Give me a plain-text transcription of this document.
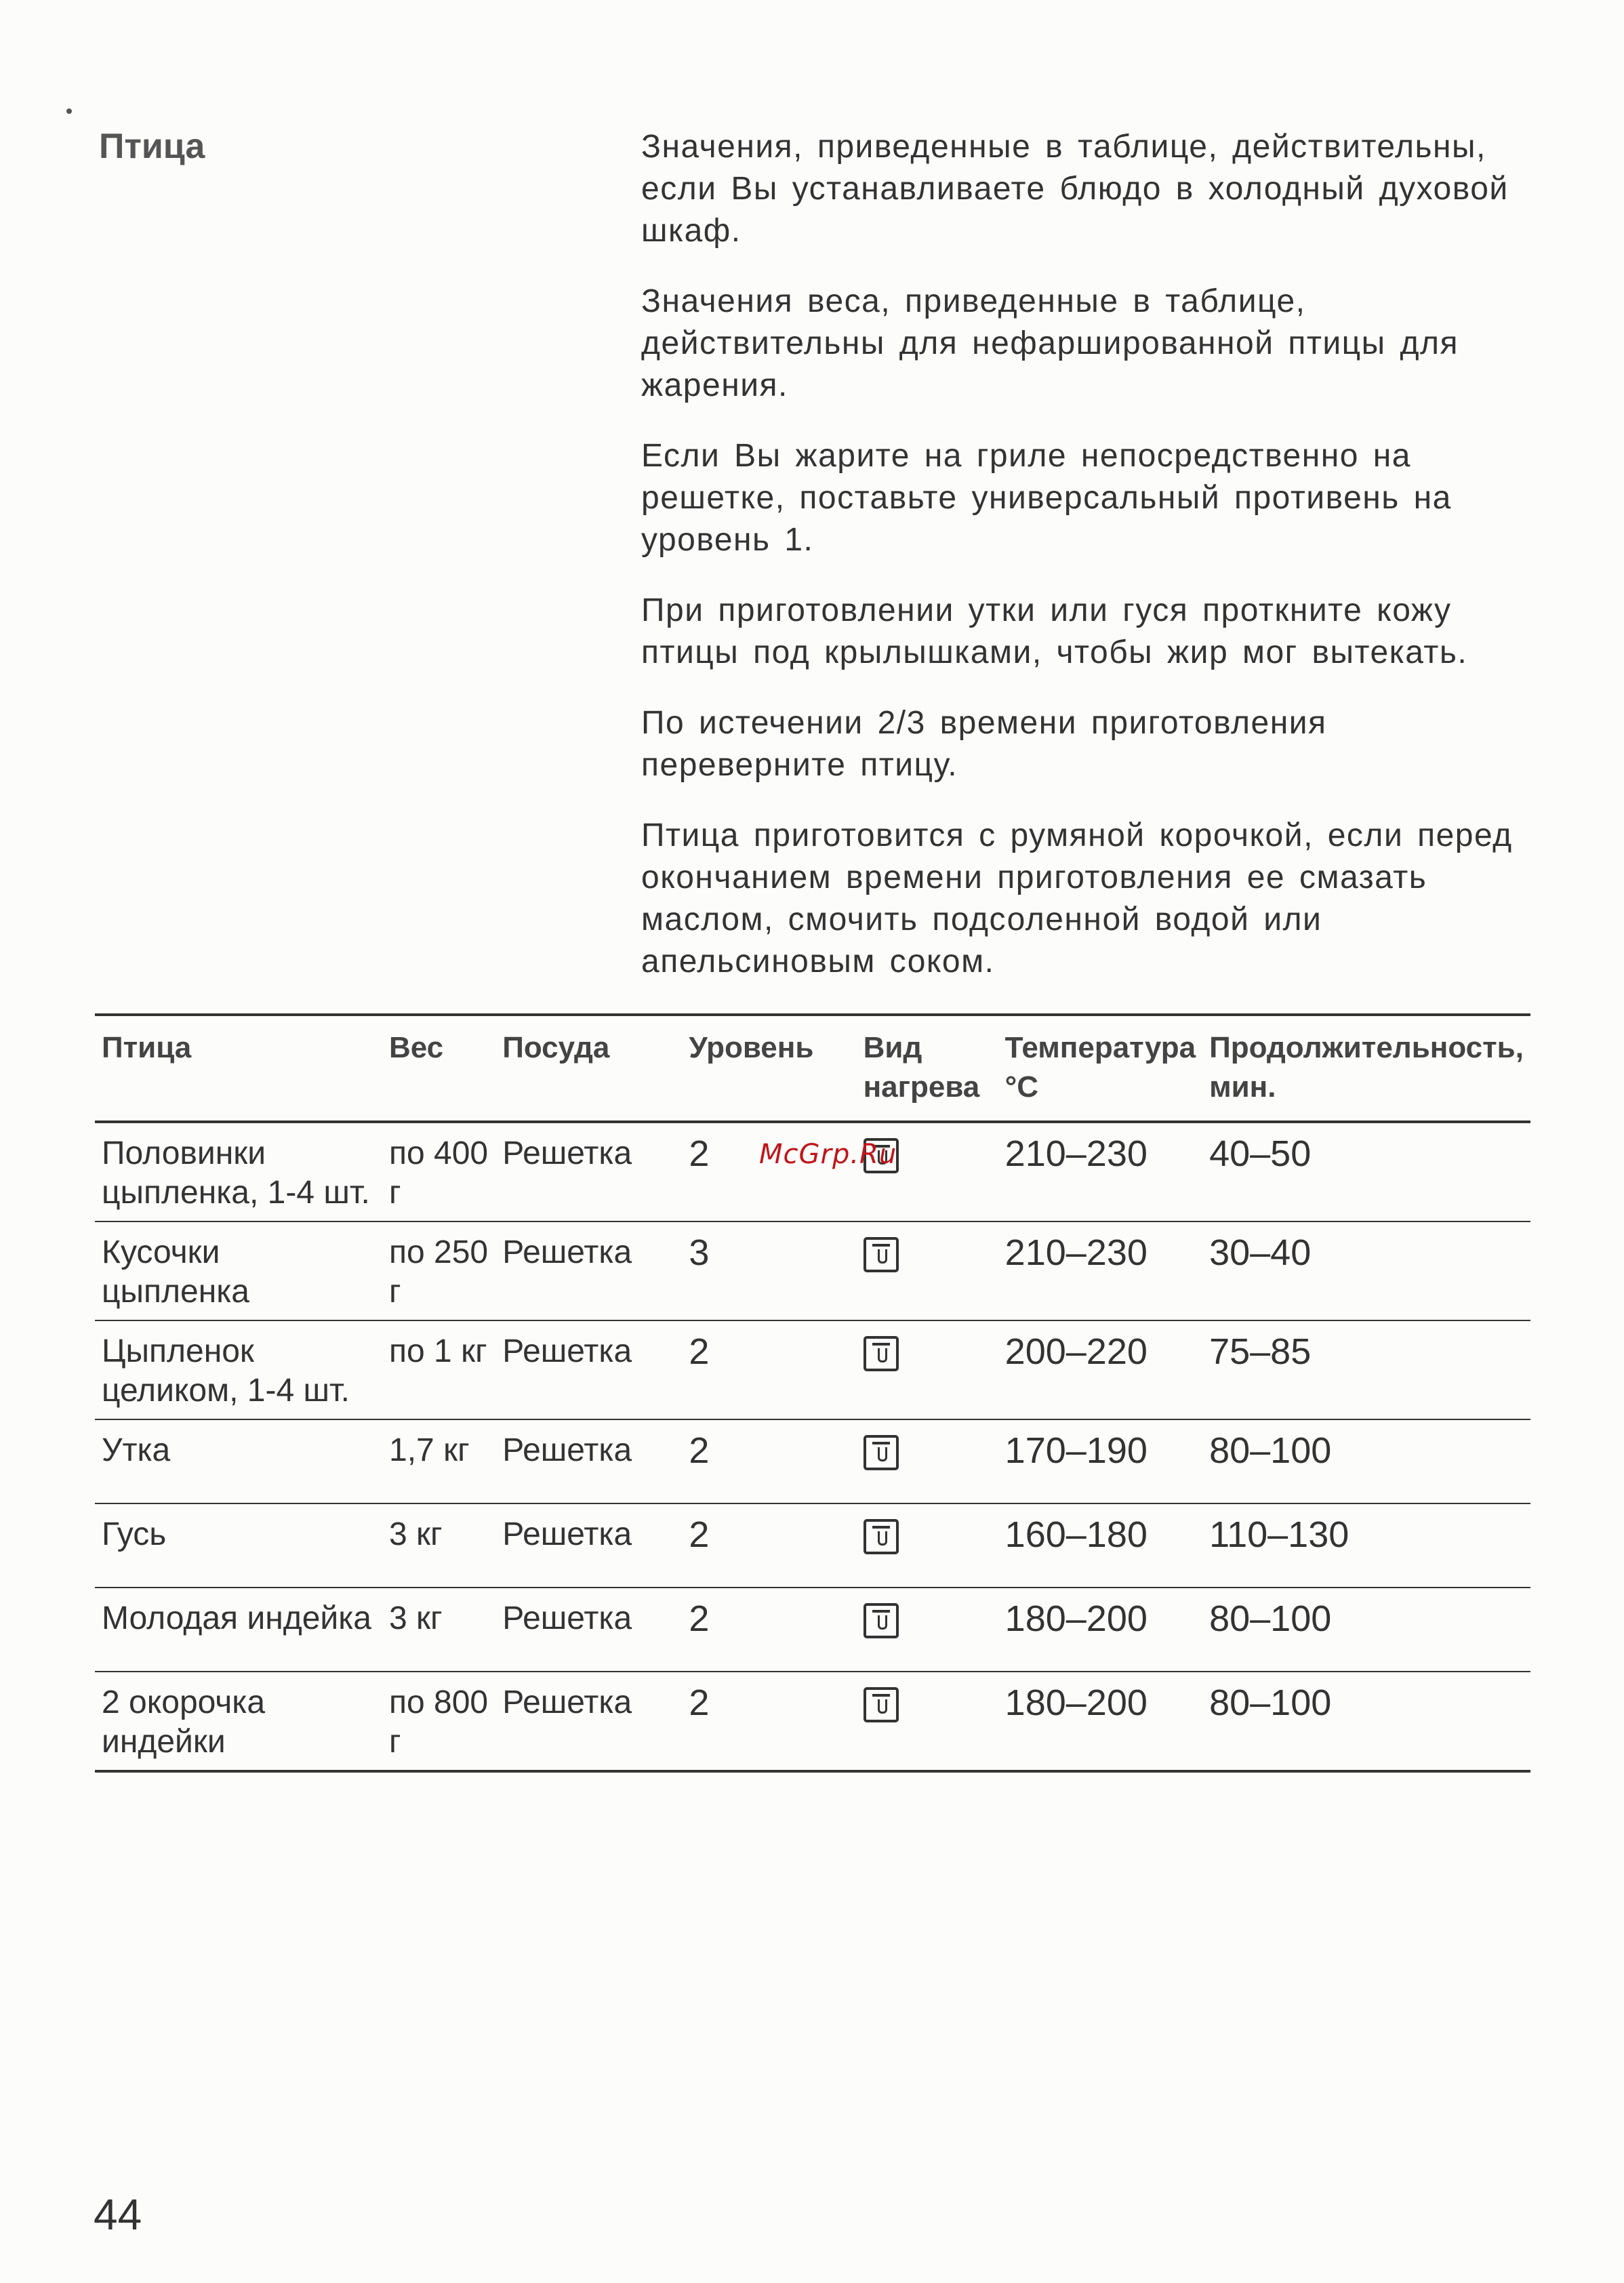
Птица	Значения, приведенные в таблице, действительны, если Вы устанавливаете блюдо в холодный духовой шкаф.

Значения веса, приведенные в таблице, действительны для нефаршированной птицы для жарения.

Если Вы жарите на гриле непосредственно на решетке, поставьте универсальный противень на уровень 1.

При приготовлении утки или гуся проткните кожу птицы под крылышками, чтобы жир мог вытекать.

По истечении 2/3 времени приготовления переверните птицу.

Птица приготовится с румяной корочкой, если перед окончанием времени приготовления ее смазать маслом, смочить подсоленной водой или апельсиновым соком.

Птица	Вес	Посуда	Уровень	Вид нагрева	Температура °C	Продолжительность, мин.
Половинки цыпленка, 1-4 шт.	по 400 г	Решетка	2		210–230	40–50
Кусочки цыпленка	по 250 г	Решетка	3		210–230	30–40
Цыпленок целиком, 1-4 шт.	по 1 кг	Решетка	2		200–220	75–85
Утка	1,7 кг	Решетка	2		170–190	80–100
Гусь	3 кг	Решетка	2		160–180	110–130
Молодая индейка	3 кг	Решетка	2		180–200	80–100
2 окорочка индейки	по 800 г	Решетка	2		180–200	80–100
McGrp.Ru
44
